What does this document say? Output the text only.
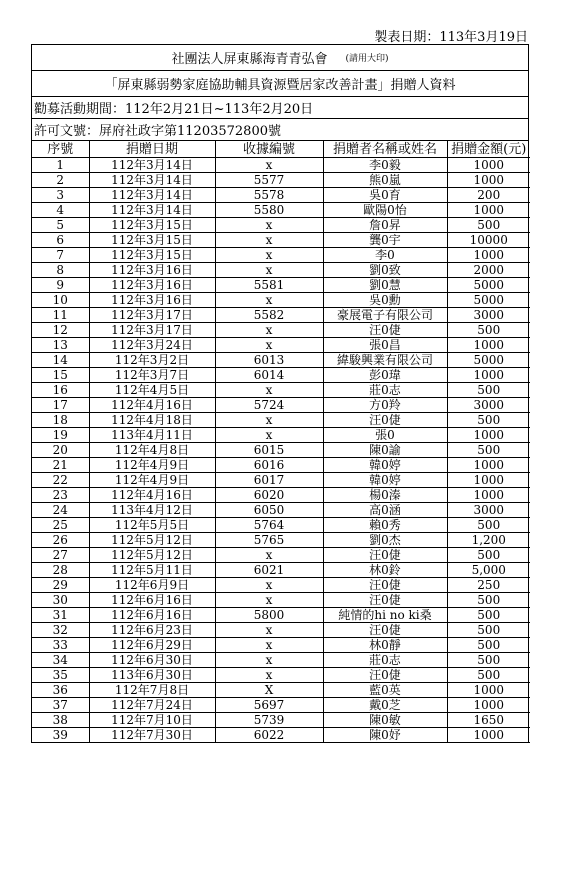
製表日期：113年3月19日
社團法人屏東縣海青青弘會 (請用大印)
「屏東縣弱勢家庭協助輔具資源暨居家改善計畫」捐贈人資料
勸募活動期間：112年2月21日~113年2月20日
許可文號：屏府社政字第11203572800號
序號	捐贈日期	收據編號	捐贈者名稱或姓名	捐贈金額(元)
1	112年3月14日	x	李0毅	1000
2	112年3月14日	5577	熊0嵐	1000
3	112年3月14日	5578	吳0育	200
4	112年3月14日	5580	歐陽0怡	1000
5	112年3月15日	x	詹0昇	500
6	112年3月15日	x	龔0宇	10000
7	112年3月15日	x	李0	1000
8	112年3月16日	x	劉0致	2000
9	112年3月16日	5581	劉0慧	5000
10	112年3月16日	x	吳0勳	5000
11	112年3月17日	5582	豪展電子有限公司	3000
12	112年3月17日	x	汪0倢	500
13	112年3月24日	x	張0昌	1000
14	112年3月2日	6013	緯駿興業有限公司	5000
15	112年3月7日	6014	彭0瑋	1000
16	112年4月5日	x	莊0志	500
17	112年4月16日	5724	方0羚	3000
18	112年4月18日	x	汪0倢	500
19	113年4月11日	x	張0	1000
20	112年4月8日	6015	陳0諭	500
21	112年4月9日	6016	韓0婷	1000
22	112年4月9日	6017	韓0婷	1000
23	112年4月16日	6020	楊0溱	1000
24	113年4月12日	6050	高0涵	3000
25	112年5月5日	5764	賴0秀	500
26	112年5月12日	5765	劉0杰	1,200
27	112年5月12日	x	汪0倢	500
28	112年5月11日	6021	林0鈴	5,000
29	112年6月9日	x	汪0倢	250
30	112年6月16日	x	汪0倢	500
31	112年6月16日	5800	純情的hi no ki桑	500
32	112年6月23日	x	汪0倢	500
33	112年6月29日	x	林0靜	500
34	112年6月30日	x	莊0志	500
35	113年6月30日	x	汪0倢	500
36	112年7月8日	X	藍0英	1000
37	112年7月24日	5697	戴0芝	1000
38	112年7月10日	5739	陳0敏	1650
39	112年7月30日	6022	陳0妤	1000
